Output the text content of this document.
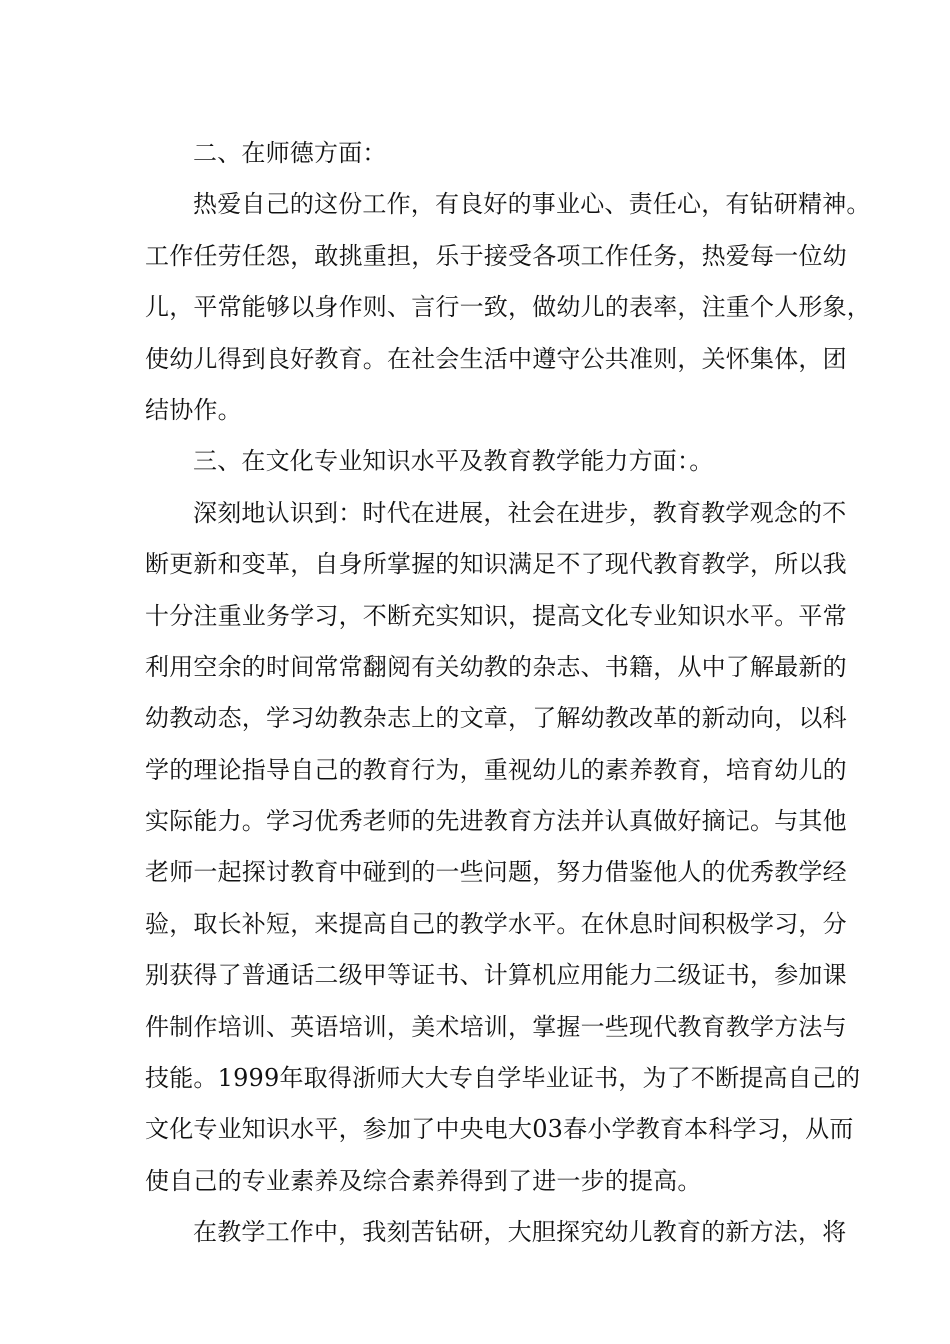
二、在师德方面：
热爱自己的这份工作，有良好的事业心、责任心，有钻研精神。
工作任劳任怨，敢挑重担，乐于接受各项工作任务，热爱每一位幼
儿，平常能够以身作则、言行一致，做幼儿的表率，注重个人形象，
使幼儿得到良好教育。在社会生活中遵守公共准则，关怀集体，团
结协作。
三、在文化专业知识水平及教育教学能力方面：。
深刻地认识到：时代在进展，社会在进步，教育教学观念的不
断更新和变革，自身所掌握的知识满足不了现代教育教学，所以我
十分注重业务学习，不断充实知识，提高文化专业知识水平。平常
利用空余的时间常常翻阅有关幼教的杂志、书籍，从中了解最新的
幼教动态，学习幼教杂志上的文章，了解幼教改革的新动向，以科
学的理论指导自己的教育行为，重视幼儿的素养教育，培育幼儿的
实际能力。学习优秀老师的先进教育方法并认真做好摘记。与其他
老师一起探讨教育中碰到的一些问题，努力借鉴他人的优秀教学经
验，取长补短，来提高自己的教学水平。在休息时间积极学习，分
别获得了普通话二级甲等证书、计算机应用能力二级证书，参加课
件制作培训、英语培训，美术培训，掌握一些现代教育教学方法与
技能。1999年取得浙师大大专自学毕业证书，为了不断提高自己的
文化专业知识水平，参加了中央电大03春小学教育本科学习，从而
使自己的专业素养及综合素养得到了进一步的提高。
在教学工作中，我刻苦钻研，大胆探究幼儿教育的新方法，将
